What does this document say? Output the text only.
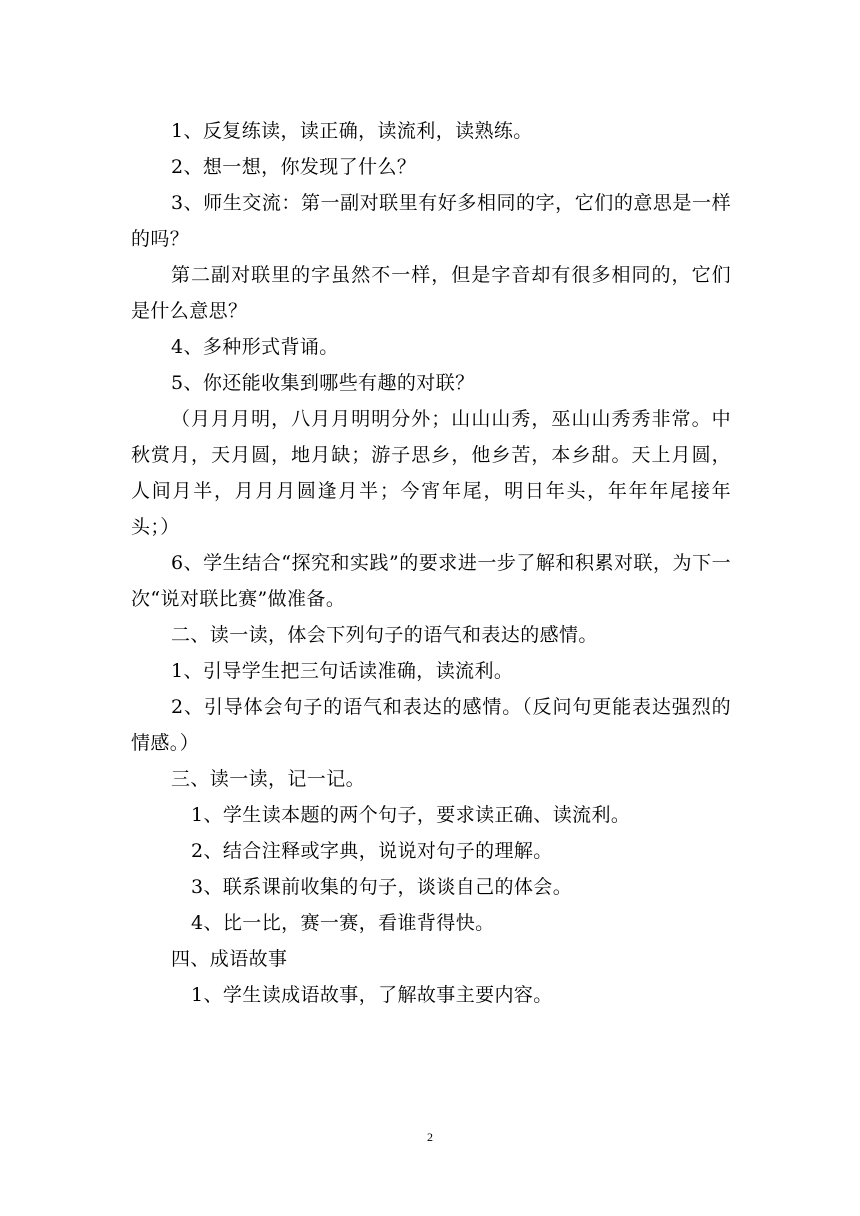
1、反复练读，读正确，读流利，读熟练。

2、想一想，你发现了什么？

3、师生交流：第一副对联里有好多相同的字，它们的意思是一样的吗？

第二副对联里的字虽然不一样，但是字音却有很多相同的，它们是什么意思？

4、多种形式背诵。

5、你还能收集到哪些有趣的对联？

（月月月明，八月月明明分外；山山山秀，巫山山秀秀非常。中秋赏月，天月圆，地月缺；游子思乡，他乡苦，本乡甜。天上月圆，人间月半，月月月圆逢月半；今宵年尾，明日年头，年年年尾接年头；）

6、学生结合“探究和实践”的要求进一步了解和积累对联，为下一次“说对联比赛”做准备。

二、读一读，体会下列句子的语气和表达的感情。

1、引导学生把三句话读准确，读流利。

2、引导体会句子的语气和表达的感情。（反问句更能表达强烈的情感。）

三、读一读，记一记。

1、学生读本题的两个句子，要求读正确、读流利。

2、结合注释或字典，说说对句子的理解。

3、联系课前收集的句子，谈谈自己的体会。

4、比一比，赛一赛，看谁背得快。

四、成语故事

1、学生读成语故事，了解故事主要内容。

2
